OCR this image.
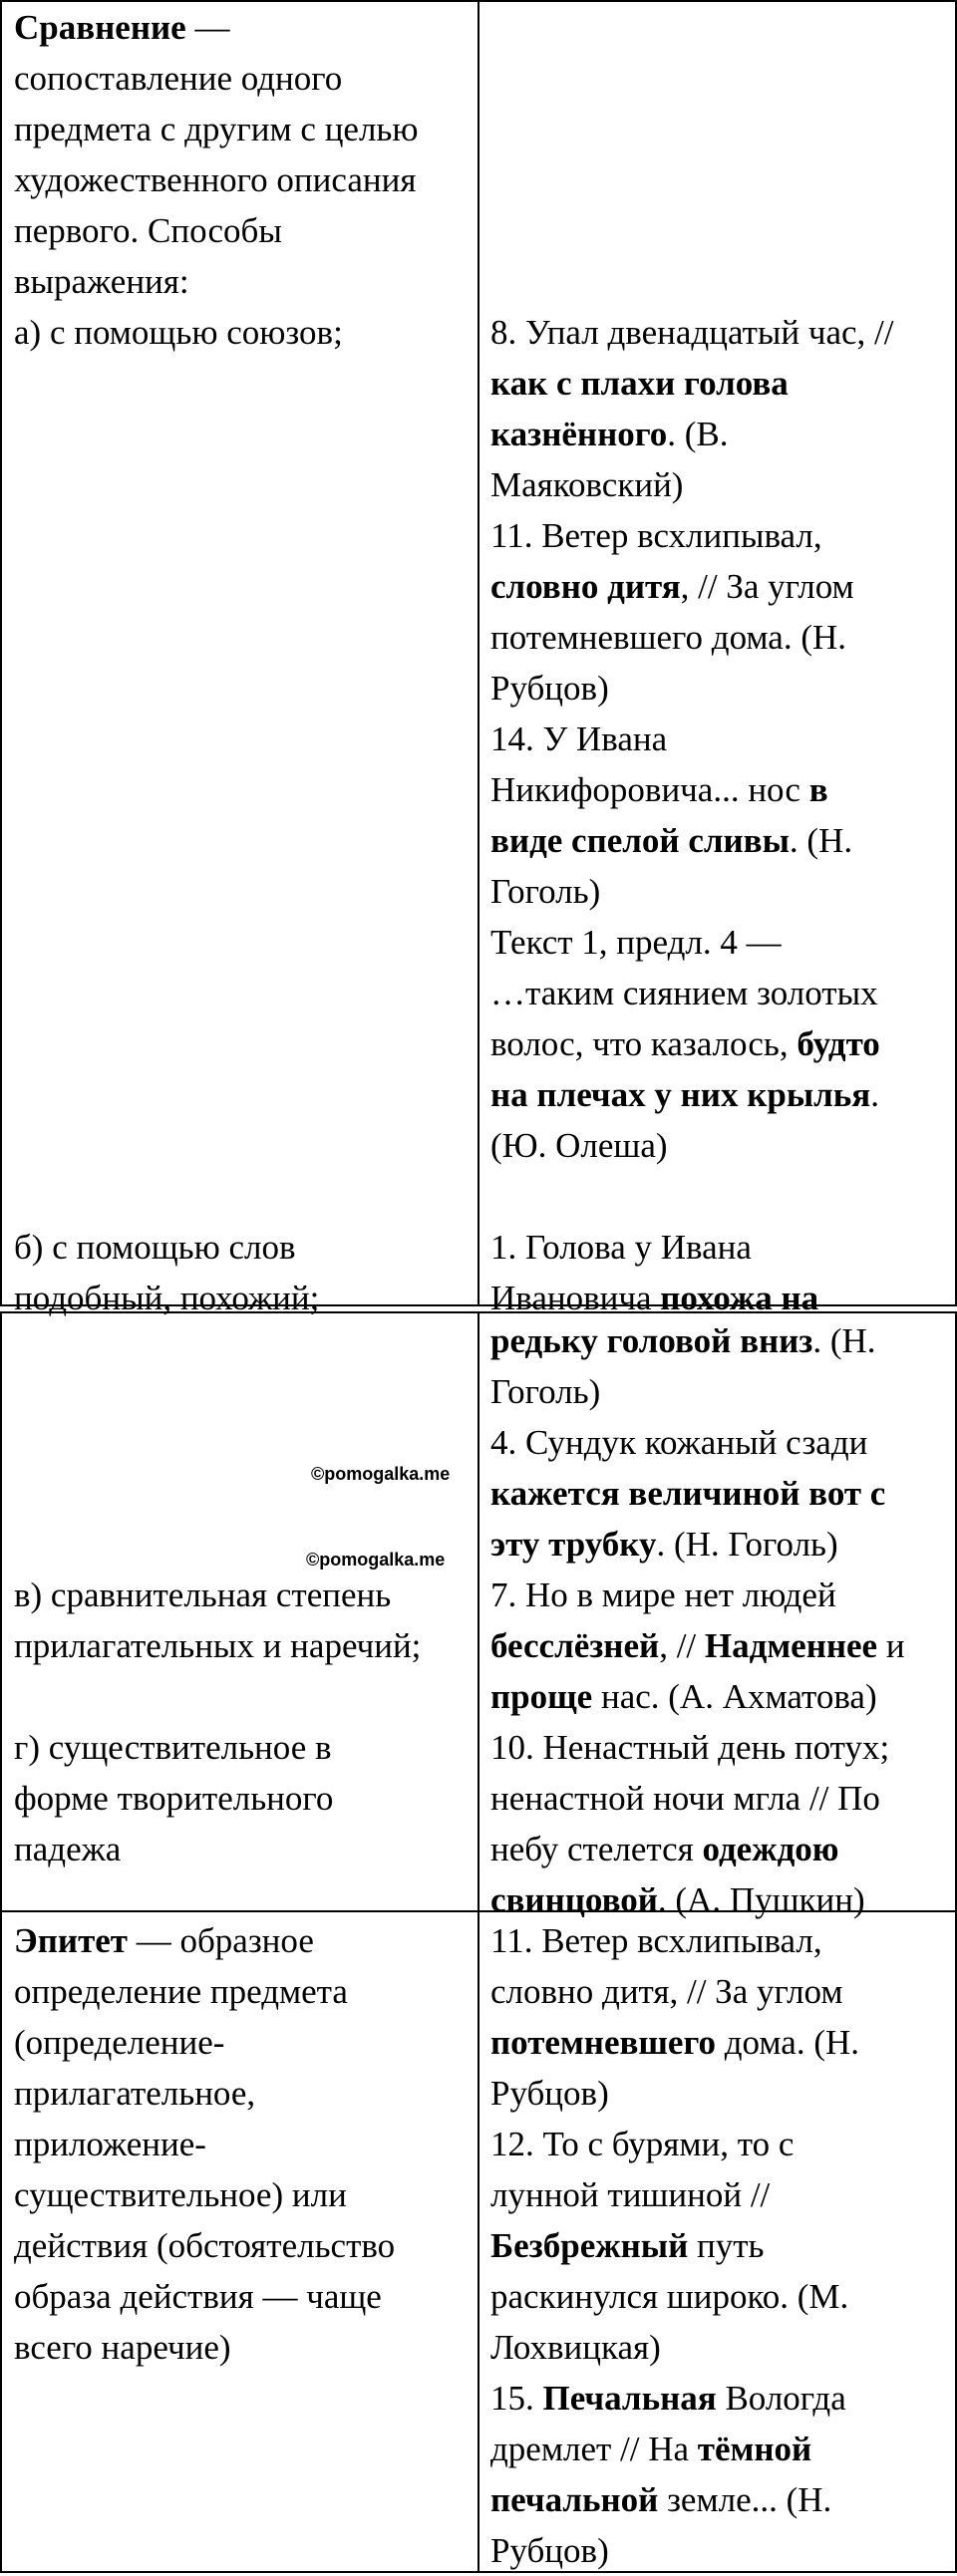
Сравнение —

сопоставление одного

предмета с другим с целью

художественного описания

первого. Способы

выражения:

а) с помощью союзов;

б) с помощью слов

подобный, похожий;

8. Упал двенадцатый час, //

как с плахи голова

казнённого. (В.

Маяковский)

11. Ветер всхлипывал,

словно дитя, // За углом

потемневшего дома. (Н.

Рубцов)

14. У Ивана

Никифоровича... нос в

виде спелой сливы. (Н.

Гоголь)

Текст 1, предл. 4 —

…таким сиянием золотых

волос, что казалось, будто

на плечах у них крылья.

(Ю. Олеша)

1. Голова у Ивана

Ивановича похожа на

в) сравнительная степень

прилагательных и наречий;

г) существительное в

форме творительного

падежа

редьку головой вниз. (Н.

Гоголь)

4. Сундук кожаный сзади

кажется величиной вот с

эту трубку. (Н. Гоголь)

7. Но в мире нет людей

бесслёзней, // Надменнее и

проще нас. (А. Ахматова)

10. Ненастный день потух;

ненастной ночи мгла // По

небу стелется одеждою

свинцовой. (А. Пушкин)

Эпитет — образное

определение предмета

(определение-

прилагательное,

приложение-

существительное) или

действия (обстоятельство

образа действия — чаще

всего наречие)

11. Ветер всхлипывал,

словно дитя, // За углом

потемневшего дома. (Н.

Рубцов)

12. То с бурями, то с

лунной тишиной //

Безбрежный путь

раскинулся широко. (М.

Лохвицкая)

15. Печальная Вологда

дремлет // На тёмной

печальной земле... (Н.

Рубцов)

©pomogalka.me
©pomogalka.me
